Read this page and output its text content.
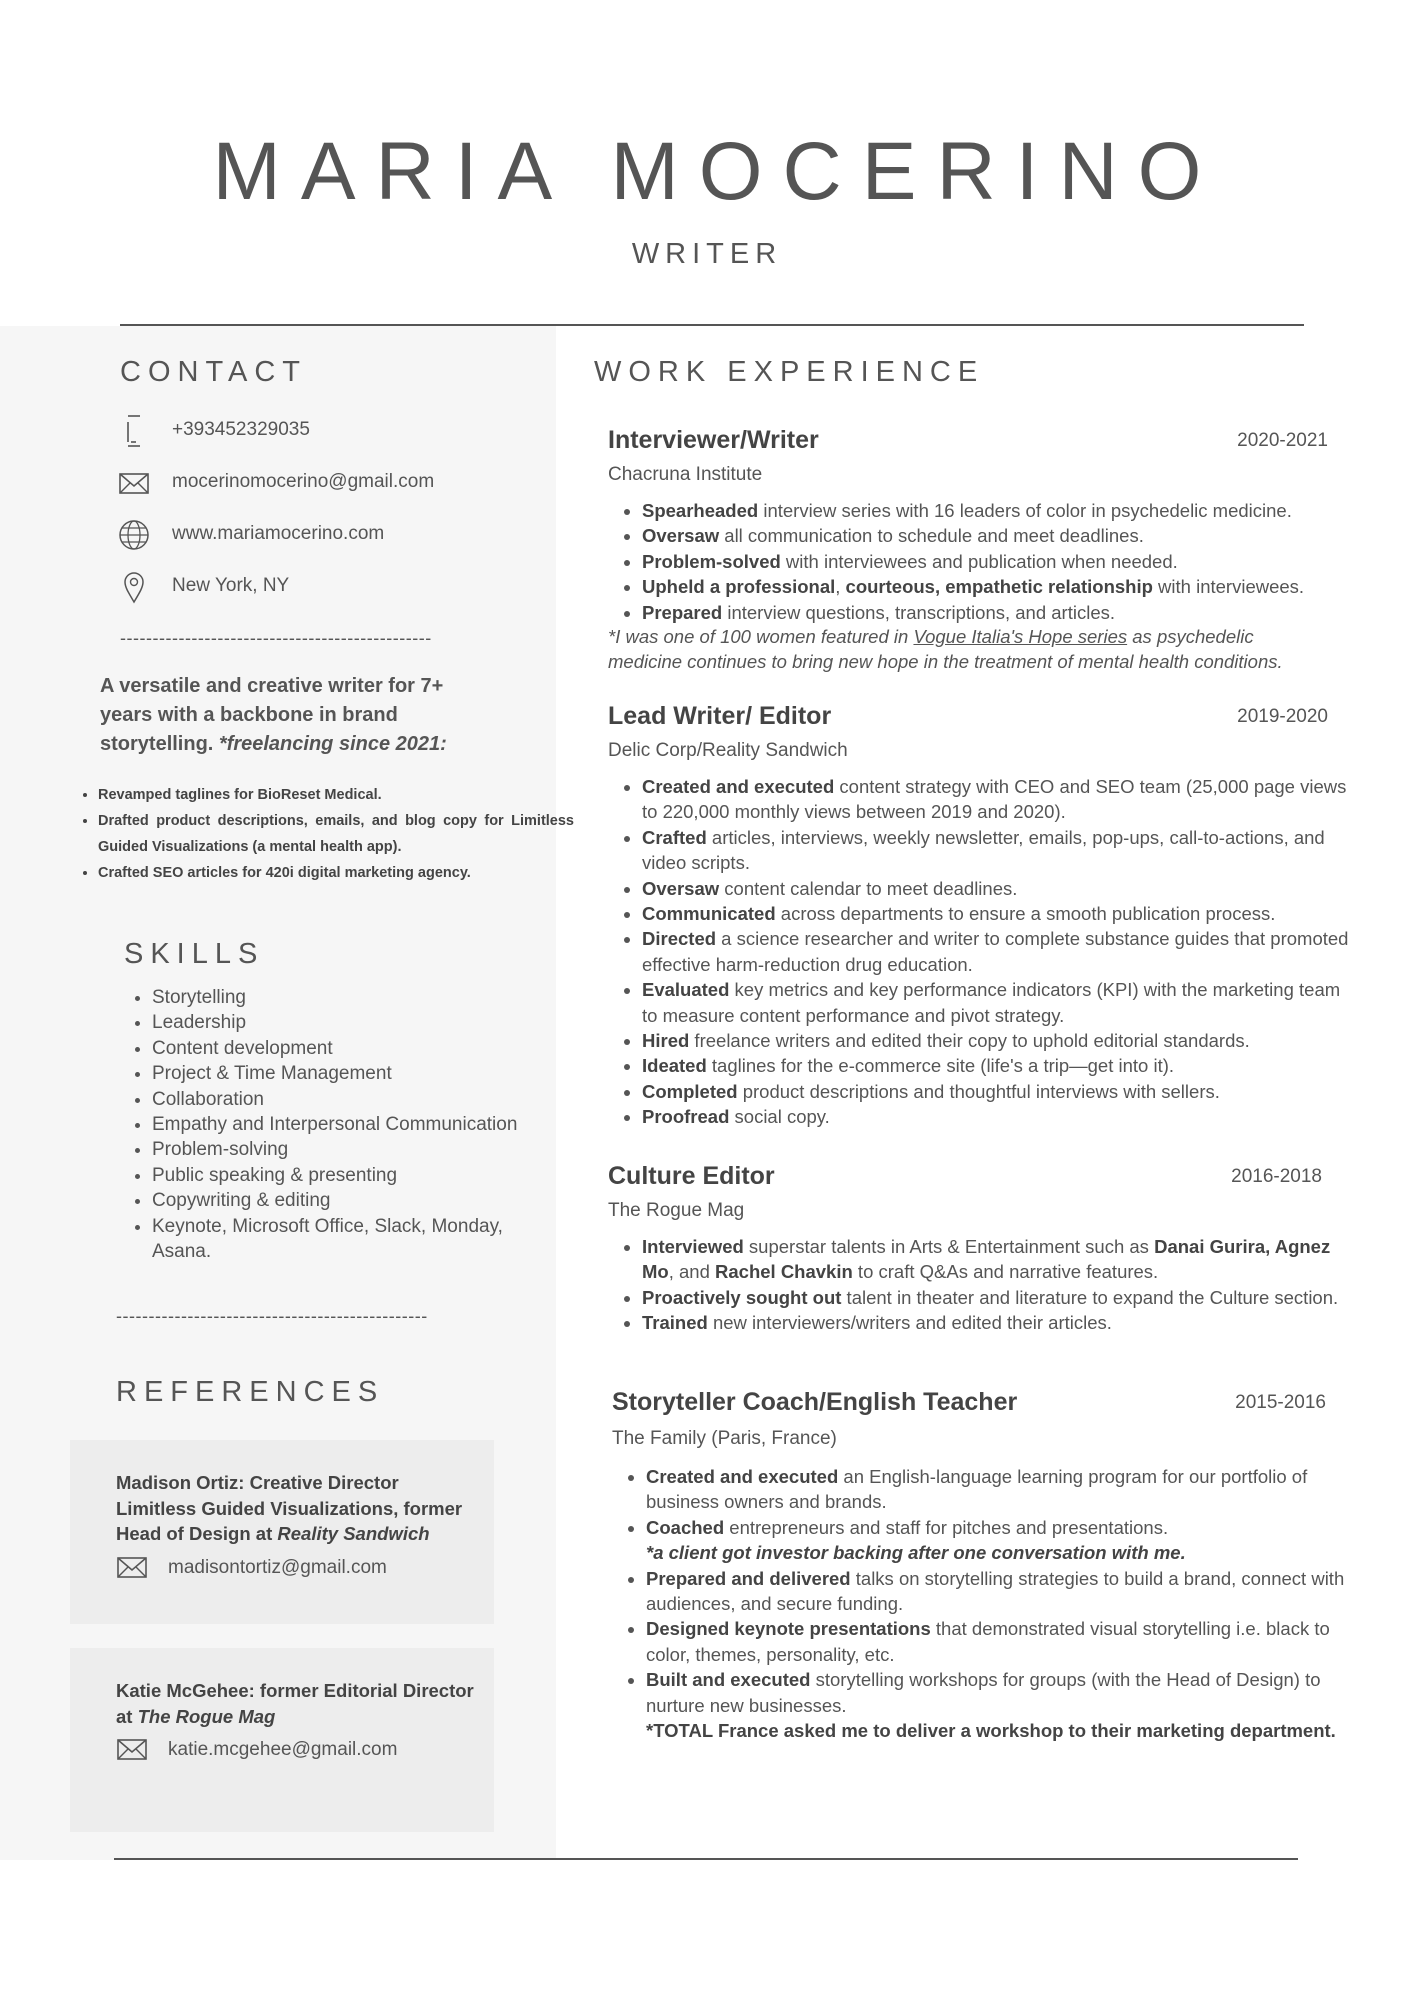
MARIA MOCERINO
WRITER
CONTACT
+393452329035
mocerinomocerino@gmail.com
www.mariamocerino.com
New York, NY
------------------------------------------------
A versatile and creative writer for 7+ years with a backbone in brand storytelling. *freelancing since 2021:
• Revamped taglines for BioReset Medical.
• Drafted product descriptions, emails, and blog copy for Limitless Guided Visualizations (a mental health app).
• Crafted SEO articles for 420i digital marketing agency.
SKILLS
• Storytelling
• Leadership
• Content development
• Project & Time Management
• Collaboration
• Empathy and Interpersonal Communication
• Problem-solving
• Public speaking & presenting
• Copywriting & editing
• Keynote, Microsoft Office, Slack, Monday, Asana.
------------------------------------------------
REFERENCES
Madison Ortiz: Creative Director Limitless Guided Visualizations, former Head of Design at Reality Sandwich
madisontortiz@gmail.com
Katie McGehee: former Editorial Director at The Rogue Mag
katie.mcgehee@gmail.com
WORK EXPERIENCE
Interviewer/Writer	2020-2021
Chacruna Institute
• Spearheaded interview series with 16 leaders of color in psychedelic medicine.
• Oversaw all communication to schedule and meet deadlines.
• Problem-solved with interviewees and publication when needed.
• Upheld a professional, courteous, empathetic relationship with interviewees.
• Prepared interview questions, transcriptions, and articles.
*I was one of 100 women featured in Vogue Italia's Hope series as psychedelic medicine continues to bring new hope in the treatment of mental health conditions.
Lead Writer/ Editor	2019-2020
Delic Corp/Reality Sandwich
• Created and executed content strategy with CEO and SEO team (25,000 page views to 220,000 monthly views between 2019 and 2020).
• Crafted articles, interviews, weekly newsletter, emails, pop-ups, call-to-actions, and video scripts.
• Oversaw content calendar to meet deadlines.
• Communicated across departments to ensure a smooth publication process.
• Directed a science researcher and writer to complete substance guides that promoted effective harm-reduction drug education.
• Evaluated key metrics and key performance indicators (KPI) with the marketing team to measure content performance and pivot strategy.
• Hired freelance writers and edited their copy to uphold editorial standards.
• Ideated taglines for the e-commerce site (life's a trip—get into it).
• Completed product descriptions and thoughtful interviews with sellers.
• Proofread social copy.
Culture Editor	2016-2018
The Rogue Mag
• Interviewed superstar talents in Arts & Entertainment such as Danai Gurira, Agnez Mo, and Rachel Chavkin to craft Q&As and narrative features.
• Proactively sought out talent in theater and literature to expand the Culture section.
• Trained new interviewers/writers and edited their articles.
Storyteller Coach/English Teacher	2015-2016
The Family (Paris, France)
• Created and executed an English-language learning program for our portfolio of business owners and brands.
• Coached entrepreneurs and staff for pitches and presentations.
*a client got investor backing after one conversation with me.
• Prepared and delivered talks on storytelling strategies to build a brand, connect with audiences, and secure funding.
• Designed keynote presentations that demonstrated visual storytelling i.e. black to color, themes, personality, etc.
• Built and executed storytelling workshops for groups (with the Head of Design) to nurture new businesses.
*TOTAL France asked me to deliver a workshop to their marketing department.
